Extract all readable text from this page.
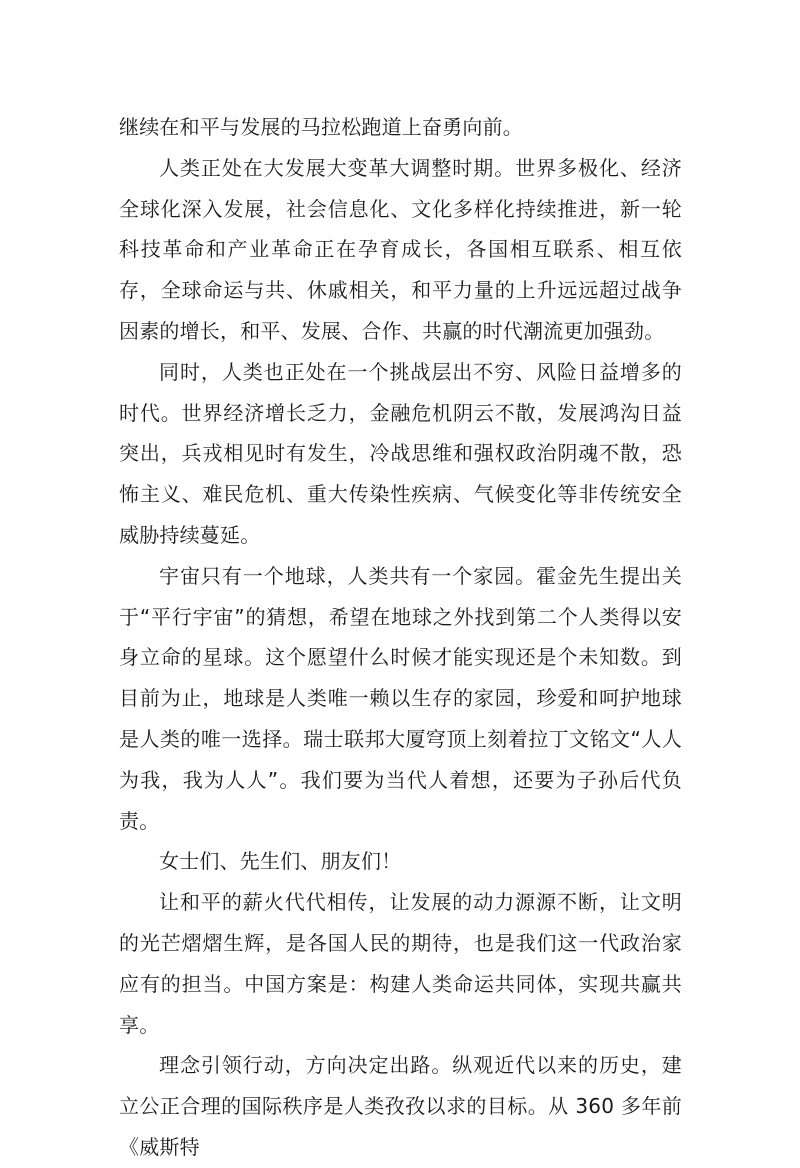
继续在和平与发展的马拉松跑道上奋勇向前。

人类正处在大发展大变革大调整时期。世界多极化、经济全球化深入发展，社会信息化、文化多样化持续推进，新一轮科技革命和产业革命正在孕育成长，各国相互联系、相互依存，全球命运与共、休戚相关，和平力量的上升远远超过战争因素的增长，和平、发展、合作、共赢的时代潮流更加强劲。

同时，人类也正处在一个挑战层出不穷、风险日益增多的时代。世界经济增长乏力，金融危机阴云不散，发展鸿沟日益突出，兵戎相见时有发生，冷战思维和强权政治阴魂不散，恐怖主义、难民危机、重大传染性疾病、气候变化等非传统安全威胁持续蔓延。

宇宙只有一个地球，人类共有一个家园。霍金先生提出关于“平行宇宙”的猜想，希望在地球之外找到第二个人类得以安身立命的星球。这个愿望什么时候才能实现还是个未知数。到目前为止，地球是人类唯一赖以生存的家园，珍爱和呵护地球是人类的唯一选择。瑞士联邦大厦穹顶上刻着拉丁文铭文“人人为我，我为人人”。我们要为当代人着想，还要为子孙后代负责。

女士们、先生们、朋友们！

让和平的薪火代代相传，让发展的动力源源不断，让文明的光芒熠熠生辉，是各国人民的期待，也是我们这一代政治家应有的担当。中国方案是：构建人类命运共同体，实现共赢共享。

理念引领行动，方向决定出路。纵观近代以来的历史，建立公正合理的国际秩序是人类孜孜以求的目标。从 360 多年前《威斯特
